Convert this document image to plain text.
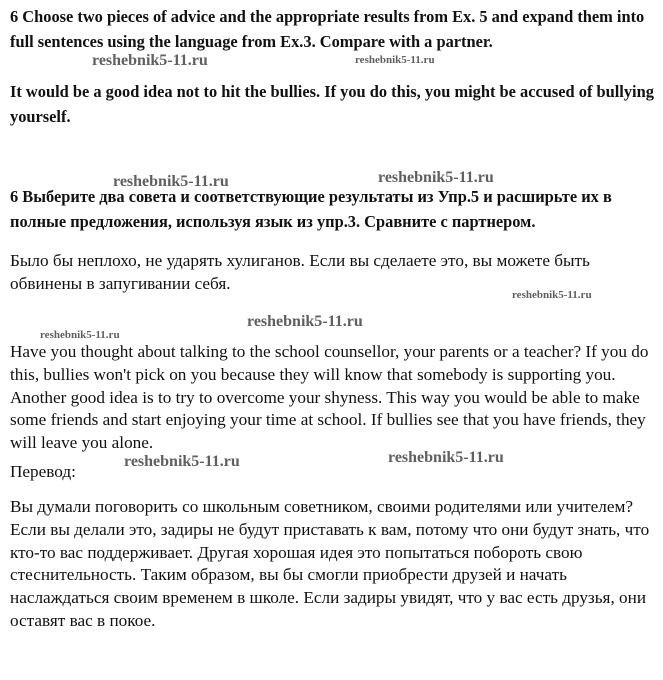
6 Choose two pieces of advice and the appropriate results from Ex. 5 and expand them into full sentences using the language from Ex.3. Compare with a partner.

It would be a good idea not to hit the bullies. If you do this, you might be accused of bullying yourself.

6 Выберите два совета и соответствующие результаты из Упр.5 и расширьте их в полные предложения, используя язык из упр.3. Сравните с партнером.

Было бы неплохо, не ударять хулиганов. Если вы сделаете это, вы можете быть обвинены в запугивании себя.

Have you thought about talking to the school counsellor, your parents or a teacher? If you do this, bullies won't pick on you because they will know that somebody is supporting you. Another good idea is to try to overcome your shyness. This way you would be able to make some friends and start enjoying your time at school. If bullies see that you have friends, they will leave you alone.

Перевод:

Вы думали поговорить со школьным советником, своими родителями или учителем? Если вы делали это, задиры не будут приставать к вам, потому что они будут знать, что кто-то вас поддерживает. Другая хорошая идея это попытаться побороть свою стеснительность. Таким образом, вы бы смогли приобрести друзей и начать наслаждаться своим временем в школе. Если задиры увидят, что у вас есть друзья, они оставят вас в покое.

reshebnik5-11.ru	reshebnik5-11.ru
reshebnik5-11.ru	reshebnik5-11.ru
reshebnik5-11.ru
reshebnik5-11.ru
reshebnik5-11.ru
reshebnik5-11.ru	reshebnik5-11.ru
